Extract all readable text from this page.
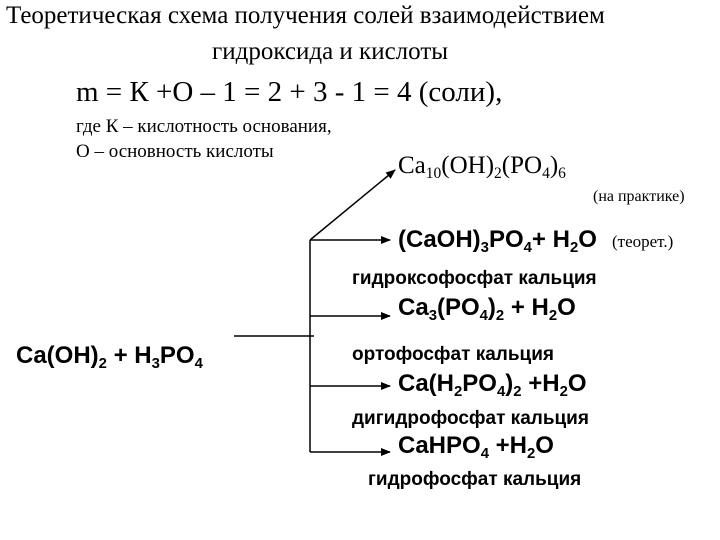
Теоретическая схема получения солей взаимодействием
гидроксида и кислоты
m = К +О – 1 = 2 + 3 - 1 = 4 (соли),
где К – кислотность основания,
О – основность кислоты
$Ca_{10}(OH)_2(PO_4)_6$
(на практике)
$(CaOH)_3PO_4+ H_2O$ (теорет.)
гидроксофосфат кальция
$Ca_3(PO_4)_2 + H_2O$
$Ca(OH)_2 + H_3PO_4$	ортофосфат кальция
$Ca(H_2PO_4)_2 +H_2O$
дигидрофосфат кальция
CaHPO$_4$ $+H_2O$
гидрофосфат кальция
